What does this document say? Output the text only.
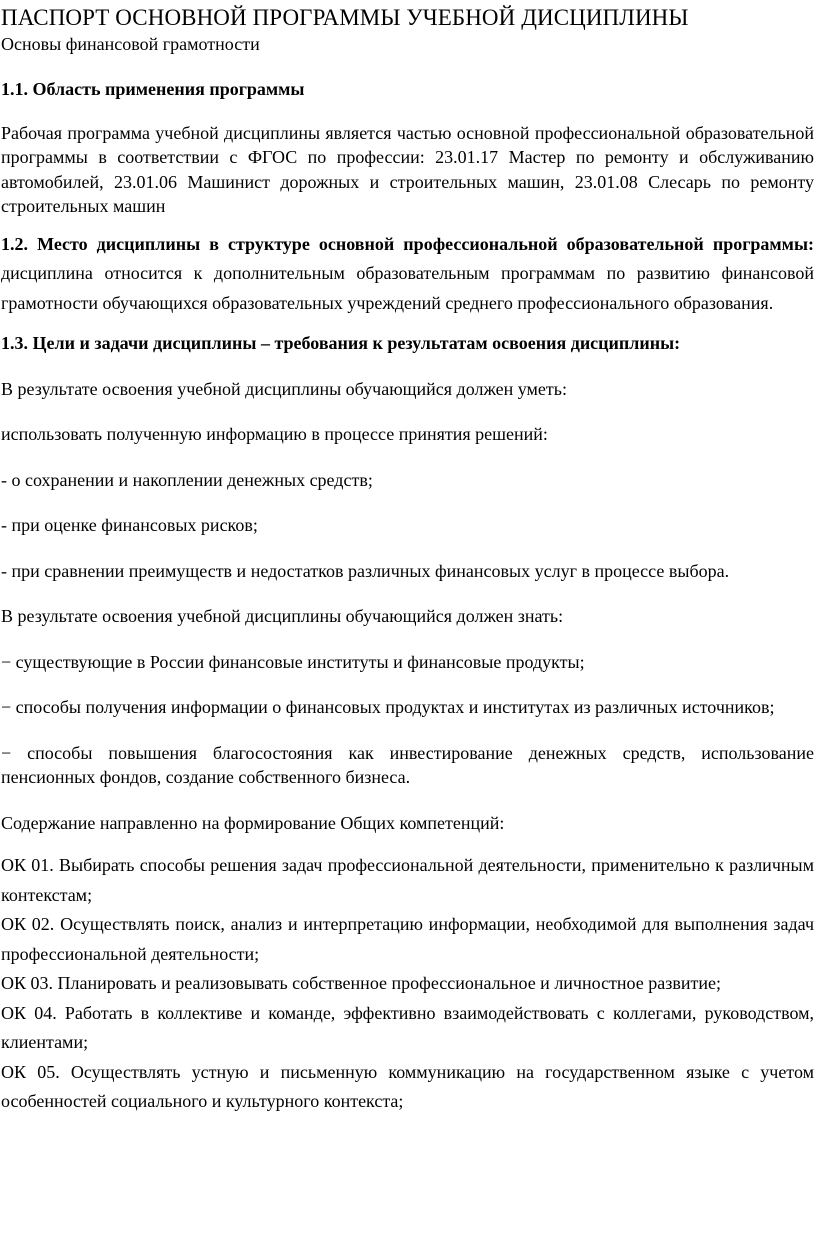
ПАСПОРТ ОСНОВНОЙ ПРОГРАММЫ УЧЕБНОЙ ДИСЦИПЛИНЫ
Основы финансовой грамотности

1.1. Область применения программы

Рабочая программа учебной дисциплины является частью основной профессиональной образовательной программы в соответствии с ФГОС по профессии: 23.01.17 Мастер по ремонту и обслуживанию автомобилей, 23.01.06 Машинист дорожных и строительных машин, 23.01.08 Слесарь по ремонту строительных машин

1.2. Место дисциплины в структуре основной профессиональной образовательной программы: дисциплина относится к дополнительным образовательным программам по развитию финансовой грамотности обучающихся образовательных учреждений среднего профессионального образования.

1.3. Цели и задачи дисциплины – требования к результатам освоения дисциплины:

В результате освоения учебной дисциплины обучающийся должен уметь:

использовать полученную информацию в процессе принятия решений:

- о сохранении и накоплении денежных средств;

- при оценке финансовых рисков;

- при сравнении преимуществ и недостатков различных финансовых услуг в процессе выбора.

В результате освоения учебной дисциплины обучающийся должен знать:

− существующие в России финансовые институты и финансовые продукты;

− способы получения информации о финансовых продуктах и институтах из различных источников;

− способы повышения благосостояния как инвестирование денежных средств, использование пенсионных фондов, создание собственного бизнеса.

Содержание направленно на формирование Общих компетенций:

ОК 01. Выбирать способы решения задач профессиональной деятельности, применительно к различным контекстам;

ОК 02. Осуществлять поиск, анализ и интерпретацию информации, необходимой для выполнения задач профессиональной деятельности;

ОК 03. Планировать и реализовывать собственное профессиональное и личностное развитие;

ОК 04. Работать в коллективе и команде, эффективно взаимодействовать с коллегами, руководством, клиентами;

ОК 05. Осуществлять устную и письменную коммуникацию на государственном языке с учетом особенностей социального и культурного контекста;
